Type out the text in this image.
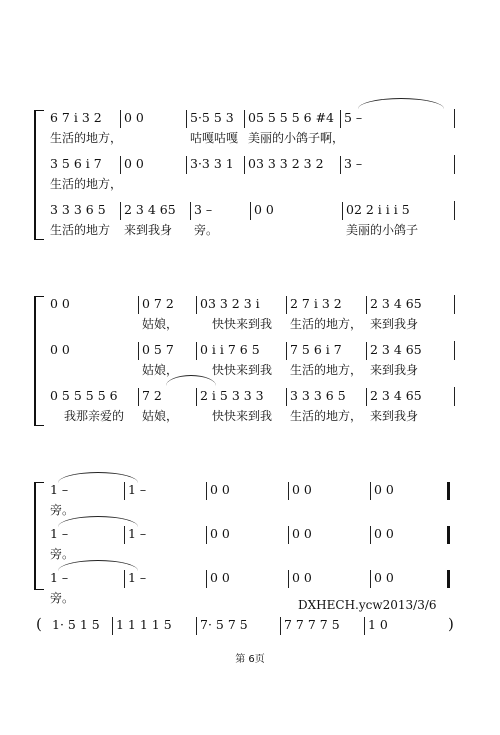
6 7 i 3 2	0 0	5·5 5 3	05 5 5 5 6 #4 5 –
生活的地方，	咕嘎咕嘎 美丽的小鸽子啊，
3 5 6 i 7	0 0	3·3 3 1	03 3 3 2 3 2	3 –
生活的地方，
3 3 3 6 5	2 3 4 65	3 –	0 0	02 2 i i i 5
生活的地方	来到我身	旁。	美丽的小鸽子
0 0	0 7 2	03 3 2 3 i	2 7 i 3 2	2 3 4 65
姑娘，	快快来到我	生活的地方， 来到我身
0 0	0 5 7	0 i i 7 6 5	7 5 6 i 7	2 3 4 65
姑娘，	快快来到我	生活的地方， 来到我身
0 5 5 5 5 6	7 2	2 i 5 3 3 3	3 3 3 6 5	2 3 4 65
我那亲爱的	姑娘，	快快来到我	生活的地方， 来到我身
1 –	1 –	0 0	0 0	0 0
旁。
1 –	1 –	0 0	0 0	0 0
旁。
1 –	1 –	0 0	0 0	0 0
旁。	DXHECH.ycw2013/3/6
( 1· 5 1 5	1 1 1 1 5	7· 5 7 5	7 7 7 7 5	1 0	)
第 6页
